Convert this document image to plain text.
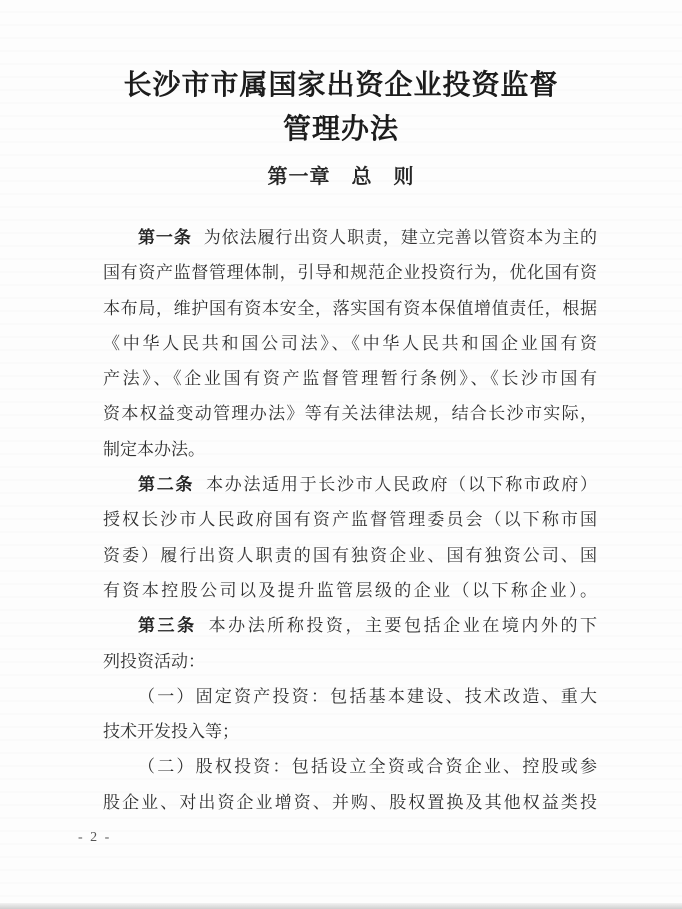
长沙市市属国家出资企业投资监督
管理办法
第一章　总　则

第一条 为依法履行出资人职责，建立完善以管资本为主的
国有资产监督管理体制，引导和规范企业投资行为，优化国有资
本布局，维护国有资本安全，落实国有资本保值增值责任，根据
《中华人民共和国公司法》、《中华人民共和国企业国有资
产法》、《企业国有资产监督管理暂行条例》、《长沙市国有
资本权益变动管理办法》等有关法律法规，结合长沙市实际，
制定本办法。

第二条 本办法适用于长沙市人民政府（以下称市政府）
授权长沙市人民政府国有资产监督管理委员会（以下称市国
资委）履行出资人职责的国有独资企业、国有独资公司、国
有资本控股公司以及提升监管层级的企业（以下称企业）。

第三条 本办法所称投资，主要包括企业在境内外的下
列投资活动：

（一）固定资产投资：包括基本建设、技术改造、重大
技术开发投入等；

（二）股权投资：包括设立全资或合资企业、控股或参
股企业、对出资企业增资、并购、股权置换及其他权益类投

- 2 -
